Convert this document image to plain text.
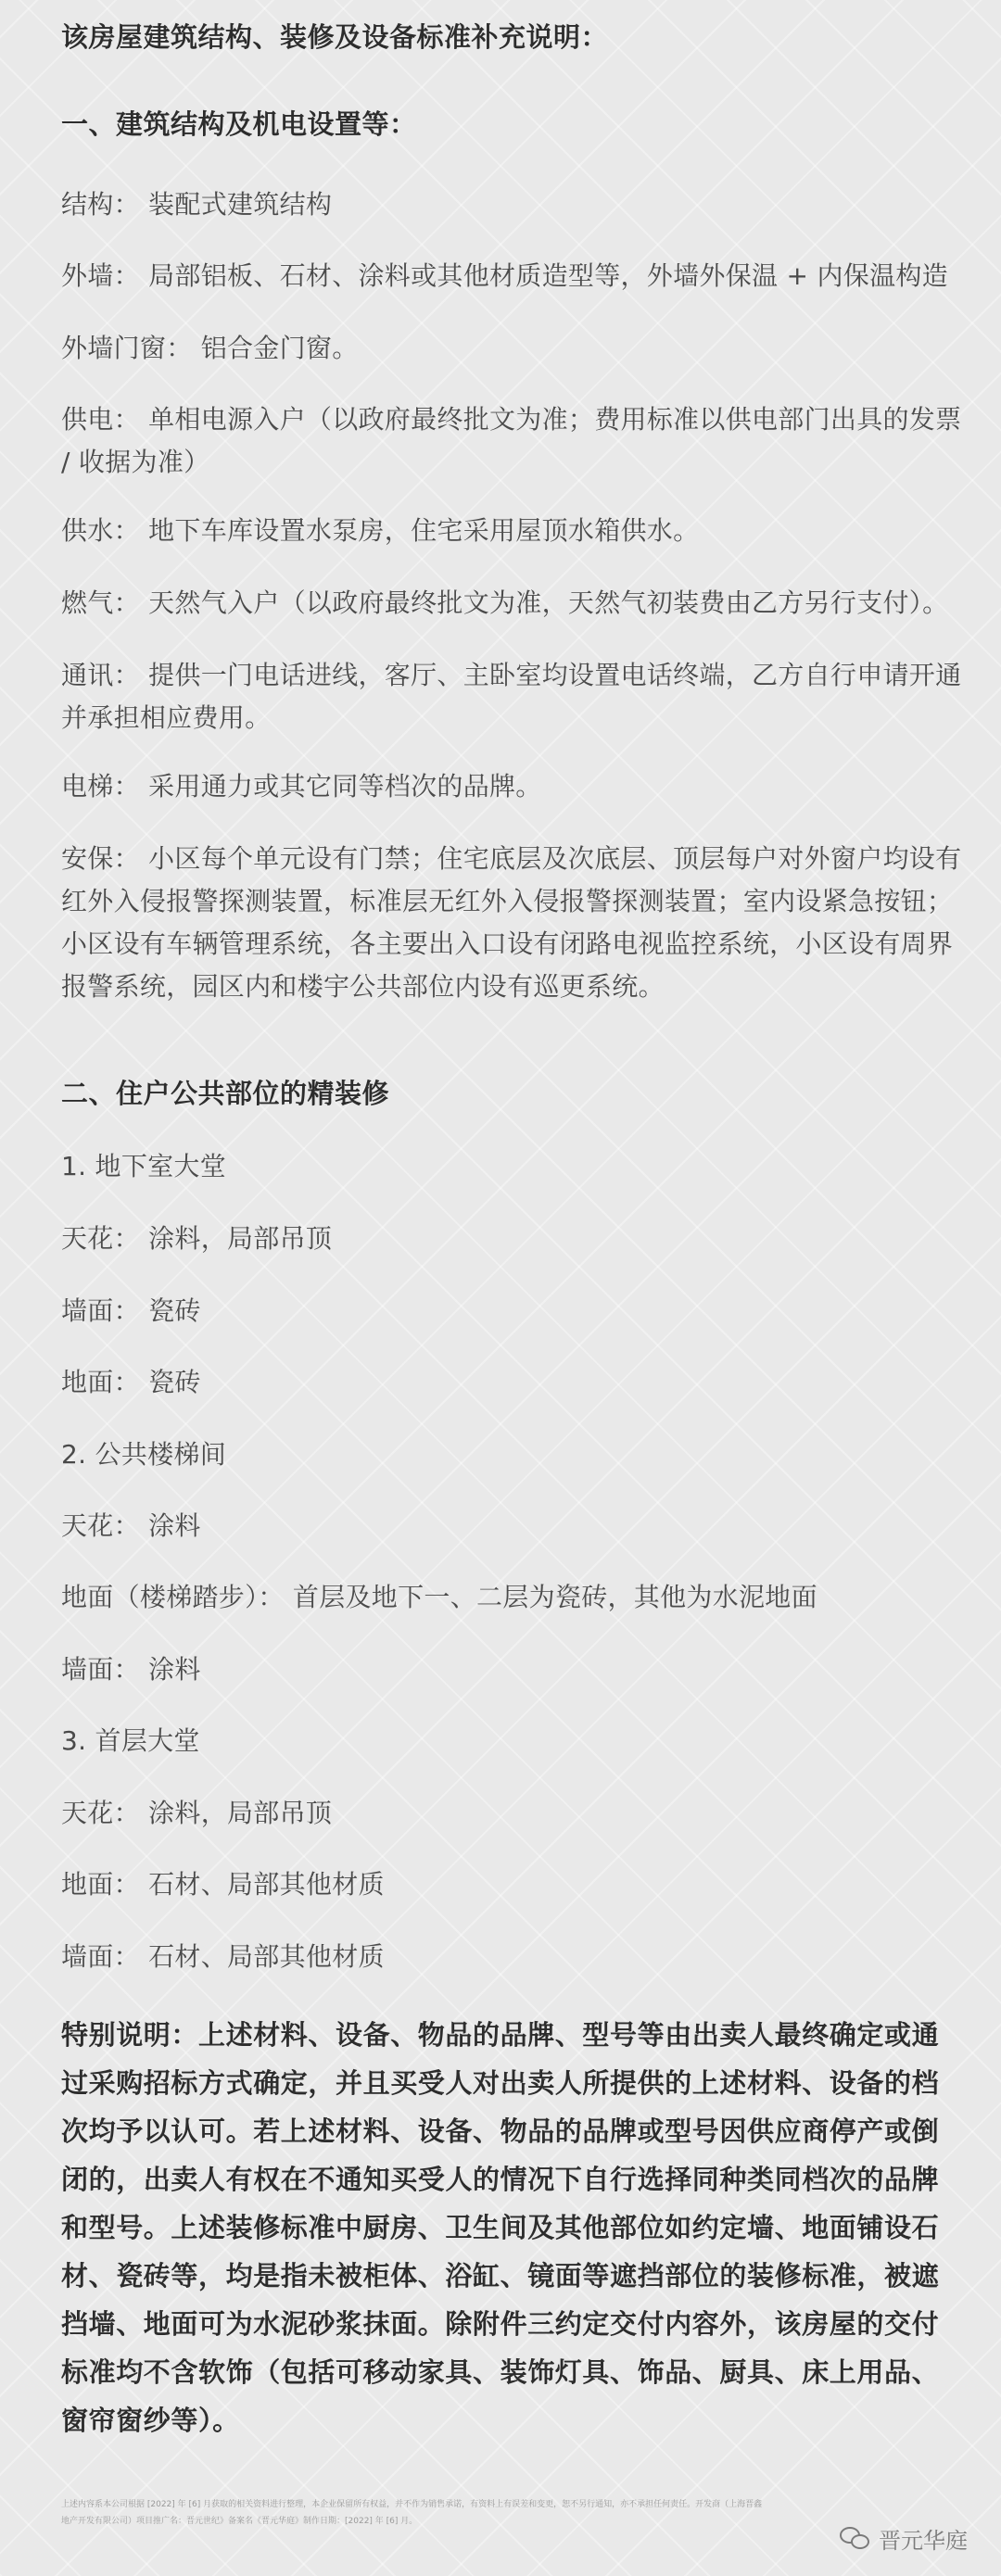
该房屋建筑结构、装修及设备标准补充说明：
一、建筑结构及机电设置等：
结构： 装配式建筑结构
外墙： 局部铝板、石材、涂料或其他材质造型等，外墙外保温 + 内保温构造
外墙门窗： 铝合金门窗。
供电： 单相电源入户（以政府最终批文为准；费用标准以供电部门出具的发票 / 收据为准）
供水： 地下车库设置水泵房，住宅采用屋顶水箱供水。
燃气： 天然气入户（以政府最终批文为准，天然气初装费由乙方另行支付）。
通讯： 提供一门电话进线，客厅、主卧室均设置电话终端，乙方自行申请开通并承担相应费用。
电梯： 采用通力或其它同等档次的品牌。
安保： 小区每个单元设有门禁；住宅底层及次底层、顶层每户对外窗户均设有红外入侵报警探测装置，标准层无红外入侵报警探测装置；室内设紧急按钮；小区设有车辆管理系统，各主要出入口设有闭路电视监控系统，小区设有周界报警系统，园区内和楼宇公共部位内设有巡更系统。
二、住户公共部位的精装修
1. 地下室大堂
天花： 涂料，局部吊顶
墙面： 瓷砖
地面： 瓷砖
2. 公共楼梯间
天花： 涂料
地面（楼梯踏步）： 首层及地下一、二层为瓷砖，其他为水泥地面
墙面： 涂料
3. 首层大堂
天花： 涂料，局部吊顶
地面： 石材、局部其他材质
墙面： 石材、局部其他材质
特别说明：上述材料、设备、物品的品牌、型号等由出卖人最终确定或通过采购招标方式确定，并且买受人对出卖人所提供的上述材料、设备的档次均予以认可。若上述材料、设备、物品的品牌或型号因供应商停产或倒闭的，出卖人有权在不通知买受人的情况下自行选择同种类同档次的品牌和型号。上述装修标准中厨房、卫生间及其他部位如约定墙、地面铺设石材、瓷砖等，均是指未被柜体、浴缸、镜面等遮挡部位的装修标准，被遮挡墙、地面可为水泥砂浆抹面。除附件三约定交付内容外，该房屋的交付标准均不含软饰（包括可移动家具、装饰灯具、饰品、厨具、床上用品、窗帘窗纱等）。
上述内容系本公司根据 [2022] 年 [6] 月获取的相关资料进行整理，本企业保留所有权益，并不作为销售承诺，有资料上有误差和变更，恕不另行通知，亦不承担任何责任。开发商（上海晋鑫地产开发有限公司）项目推广名：晋元世纪》备案名《晋元华庭》制作日期：[2022] 年 [6] 月。
晋元华庭
